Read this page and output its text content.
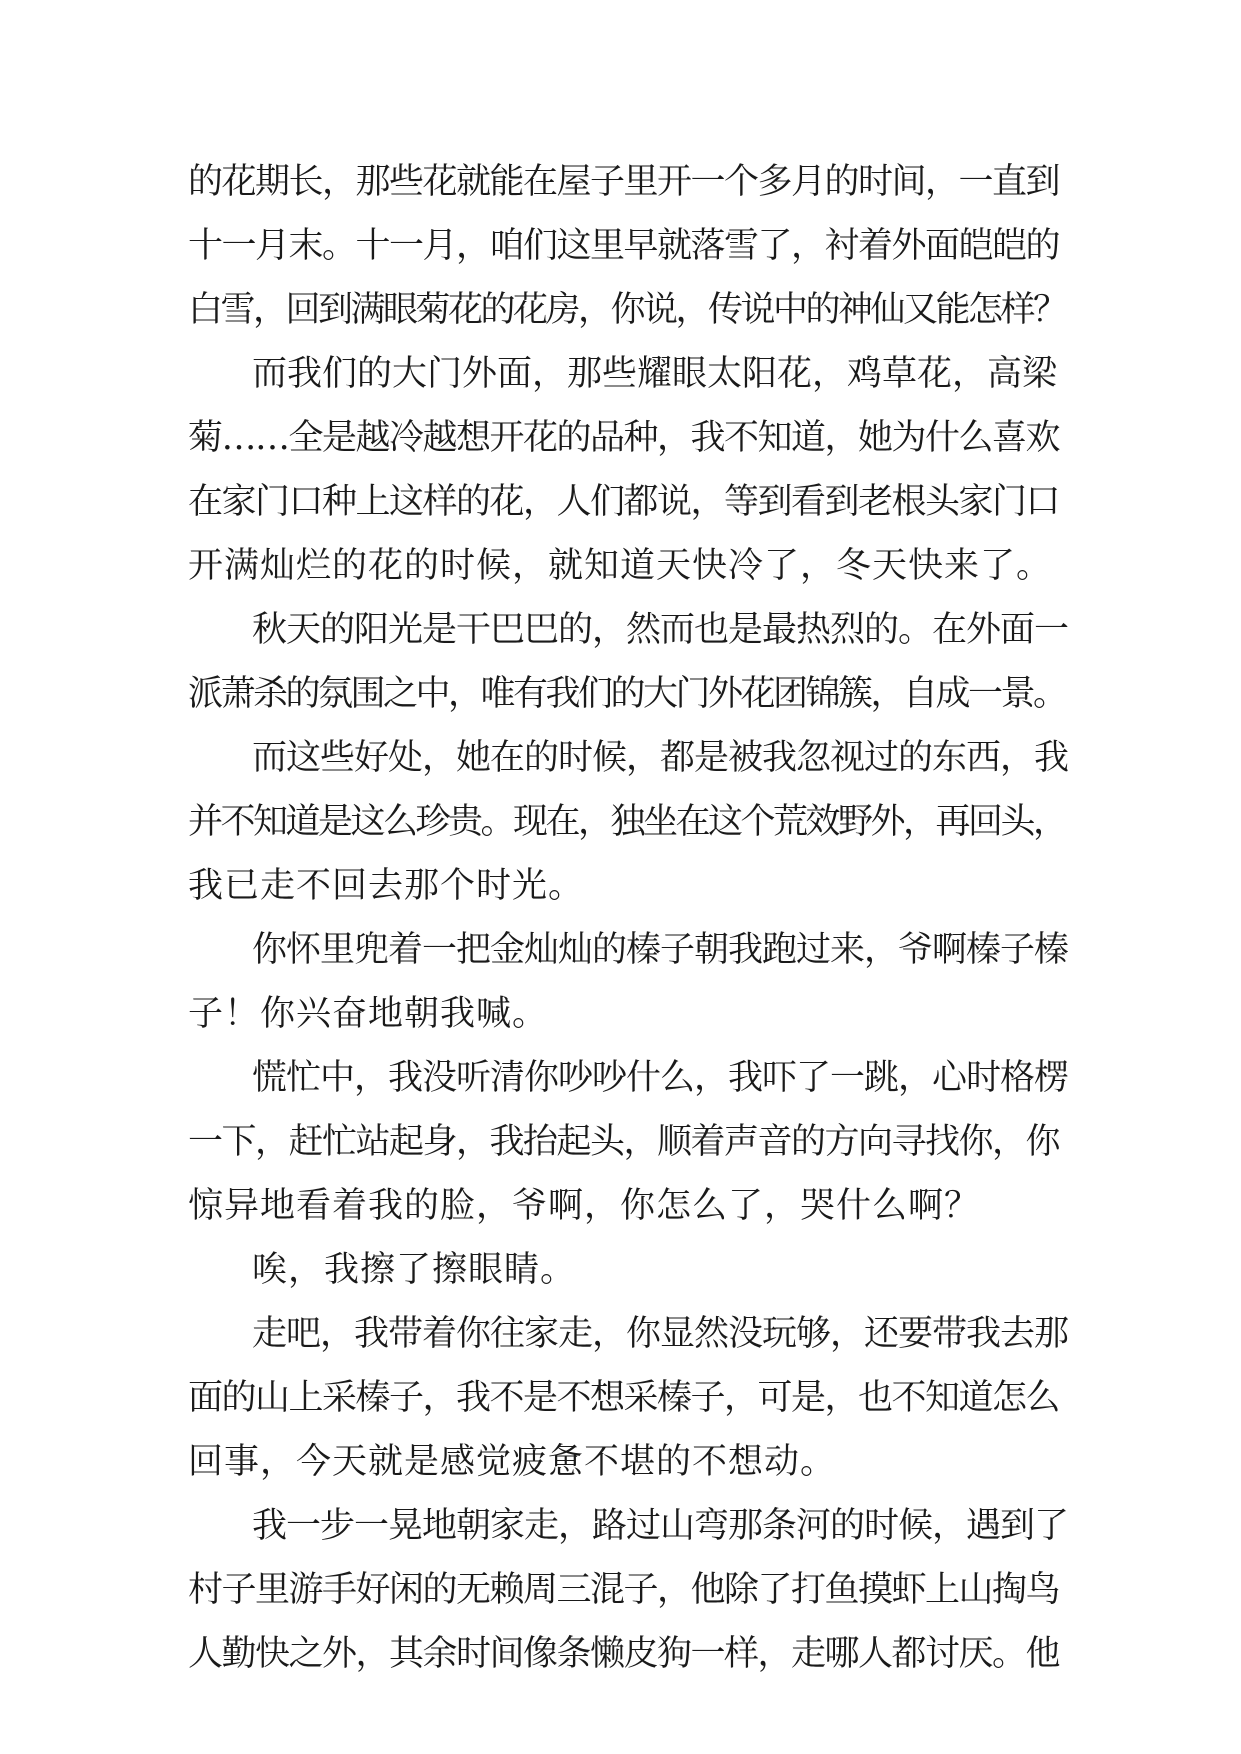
的花期长，那些花就能在屋子里开一个多月的时间，一直到
十一月末。十一月，咱们这里早就落雪了，衬着外面皑皑的
白雪，回到满眼菊花的花房，你说，传说中的神仙又能怎样？
而我们的大门外面，那些耀眼太阳花，鸡草花，高梁
菊……全是越冷越想开花的品种，我不知道，她为什么喜欢
在家门口种上这样的花，人们都说，等到看到老根头家门口
开满灿烂的花的时候，就知道天快冷了，冬天快来了。
秋天的阳光是干巴巴的，然而也是最热烈的。在外面一
派萧杀的氛围之中，唯有我们的大门外花团锦簇，自成一景。
而这些好处，她在的时候，都是被我忽视过的东西，我
并不知道是这么珍贵。现在，独坐在这个荒效野外，再回头，
我已走不回去那个时光。
你怀里兜着一把金灿灿的榛子朝我跑过来，爷啊榛子榛
子！你兴奋地朝我喊。
慌忙中，我没听清你吵吵什么，我吓了一跳，心时格楞
一下，赶忙站起身，我抬起头，顺着声音的方向寻找你，你
惊异地看着我的脸，爷啊，你怎么了，哭什么啊？
唉，我擦了擦眼睛。
走吧，我带着你往家走，你显然没玩够，还要带我去那
面的山上采榛子，我不是不想采榛子，可是，也不知道怎么
回事，今天就是感觉疲惫不堪的不想动。
我一步一晃地朝家走，路过山弯那条河的时候，遇到了
村子里游手好闲的无赖周三混子，他除了打鱼摸虾上山掏鸟
人勤快之外，其余时间像条懒皮狗一样，走哪人都讨厌。他
